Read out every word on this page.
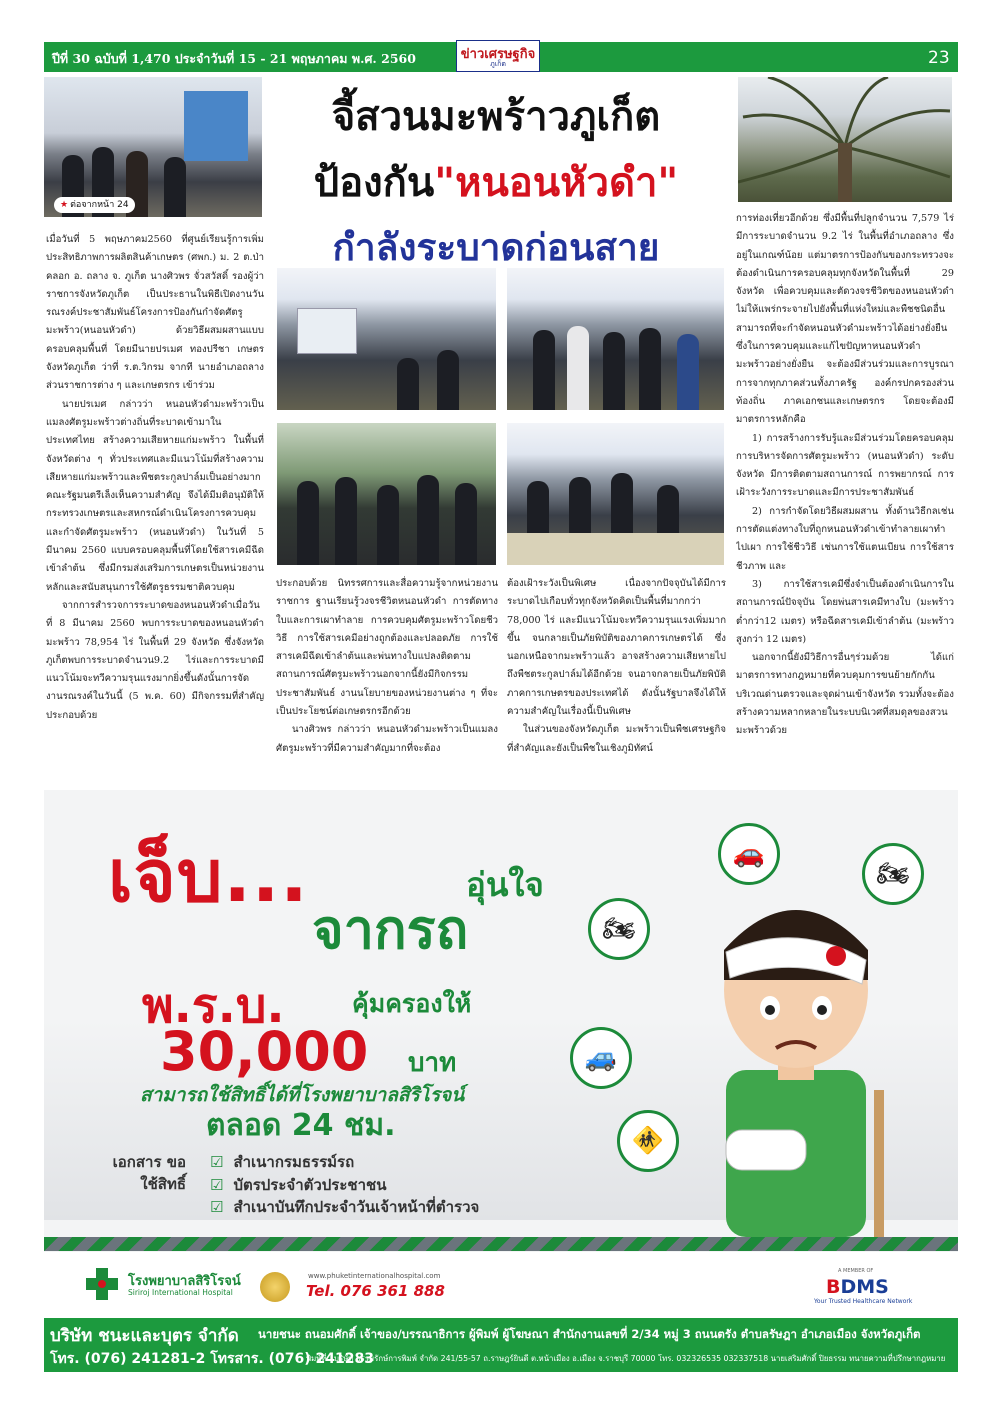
ปีที่ 30 ฉบับที่ 1,470 ประจำวันที่ 15 - 21 พฤษภาคม พ.ศ. 2560	ข่าวเศรษฐกิจ
ภูเก็ต	23
★ ต่อจากหน้า 24
จี้สวนมะพร้าวภูเก็ต
ป้องกัน"หนอนหัวดำ"
กำลังระบาดก่อนสาย

เมื่อวันที่ 5 พฤษภาคม2560 ที่ศูนย์เรียนรู้การเพิ่มประสิทธิภาพการผลิตสินค้าเกษตร (ศพก.) ม. 2 ต.ป่าคลอก อ. ถลาง จ. ภูเก็ต นางศิวพร จั่วสวัสดิ์ รองผู้ว่าราชการจังหวัดภูเก็ต เป็นประธานในพิธีเปิดงานวันรณรงค์ประชาสัมพันธ์โครงการป้องกันกำจัดศัตรูมะพร้าว(หนอนหัวดำ) ด้วยวิธีผสมผสานแบบครอบคลุมพื้นที่ โดยมีนายปรเมศ ทองปรีชา เกษตรจังหวัดภูเก็ต ว่าที่ ร.ต.วิกรม จากที นายอำเภอถลาง ส่วนราชการต่าง ๆ และเกษตรกร เข้าร่วม

นายปรเมศ กล่าวว่า หนอนหัวดำมะพร้าวเป็นแมลงศัตรูมะพร้าวต่างถิ่นที่ระบาดเข้ามาในประเทศไทย สร้างความเสียหายแก่มะพร้าว ในพื้นที่จังหวัดต่าง ๆ ทั่วประเทศและมีแนวโน้มที่สร้างความเสียหายแก่มะพร้าวและพืชตระกูลปาล์มเป็นอย่างมาก คณะรัฐมนตรีเล็งเห็นความสำคัญ จึงได้มีมติอนุมัติให้กระทรวงเกษตรและสหกรณ์ดำเนินโครงการควบคุมและกำจัดศัตรูมะพร้าว (หนอนหัวดำ) ในวันที่ 5 มีนาคม 2560 แบบครอบคลุมพื้นที่โดยใช้สารเคมีฉีดเข้าลำต้น ซึ่งมีกรมส่งเสริมการเกษตรเป็นหน่วยงานหลักและสนับสนุนการใช้ศัตรูธรรมชาติควบคุม

จากการสำรวจการระบาดของหนอนหัวดำเมื่อวันที่ 8 มีนาคม 2560 พบการระบาดของหนอนหัวดำมะพร้าว 78,954 ไร่ ในพื้นที่ 29 จังหวัด ซึ่งจังหวัดภูเก็ตพบการระบาดจำนวน9.2 ไร่และการระบาดมีแนวโน้มจะทวีความรุนแรงมากยิ่งขึ้นดังนั้นการจัดงานรณรงค์ในวันนี้ (5 พ.ค. 60) มีกิจกรรมที่สำคัญประกอบด้วย

ประกอบด้วย นิทรรศการและสื่อความรู้จากหน่วยงานราชการ ฐานเรียนรู้วงจรชีวิตหนอนหัวดำ การตัดทางใบและการเผาทำลาย การควบคุมศัตรูมะพร้าวโดยชีววิธี การใช้สารเคมีอย่างถูกต้องและปลอดภัย การใช้สารเคมีฉีดเข้าลำต้นและพ่นทางใบแปลงติดตามสถานการณ์ศัตรูมะพร้าวนอกจากนี้ยังมีกิจกรรมประชาสัมพันธ์ งานนโยบายของหน่วยงานต่าง ๆ ที่จะเป็นประโยชน์ต่อเกษตรกรอีกด้วย

นางศิวพร กล่าวว่า หนอนหัวดำมะพร้าวเป็นแมลงศัตรูมะพร้าวที่มีความสำคัญมากที่จะต้อง

ต้องเฝ้าระวังเป็นพิเศษ เนื่องจากปัจจุบันได้มีการระบาดไปเกือบทั่วทุกจังหวัดคิดเป็นพื้นที่มากกว่า 78,000 ไร่ และมีแนวโน้มจะทวีความรุนแรงเพิ่มมากขึ้น จนกลายเป็นภัยพิบัติของภาคการเกษตรได้ ซึ่งนอกเหนือจากมะพร้าวแล้ว อาจสร้างความเสียหายไปถึงพืชตระกูลปาล์มได้อีกด้วย จนอาจกลายเป็นภัยพิบัติภาคการเกษตรของประเทศได้ ดังนั้นรัฐบาลจึงได้ให้ความสำคัญในเรื่องนี้เป็นพิเศษ

ในส่วนของจังหวัดภูเก็ต มะพร้าวเป็นพืชเศรษฐกิจที่สำคัญและยังเป็นพืชในเชิงภูมิทัศน์

การท่องเที่ยวอีกด้วย ซึ่งมีพื้นที่ปลูกจำนวน 7,579 ไร่ มีการระบาดจำนวน 9.2 ไร่ ในพื้นที่อำเภอถลาง ซึ่งอยู่ในเกณฑ์น้อย แต่มาตรการป้องกันของกระทรวงจะต้องดำเนินการครอบคลุมทุกจังหวัดในพื้นที่ 29 จังหวัด เพื่อควบคุมและตัดวงจรชีวิตของหนอนหัวดำไม่ให้แพร่กระจายไปยังพื้นที่แห่งใหม่และพืชชนิดอื่น สามารถที่จะกำจัดหนอนหัวดำมะพร้าวได้อย่างยั่งยืน ซึ่งในการควบคุมและแก้ไขปัญหาหนอนหัวดำมะพร้าวอย่างยั่งยืน จะต้องมีส่วนร่วมและการบูรณาการจากทุกภาคส่วนทั้งภาครัฐ องค์กรปกครองส่วนท้องถิ่น ภาคเอกชนและเกษตรกร โดยจะต้องมีมาตรการหลักคือ

1) การสร้างการรับรู้และมีส่วนร่วมโดยครอบคลุมการบริหารจัดการศัตรูมะพร้าว (หนอนหัวดำ) ระดับจังหวัด มีการติดตามสถานการณ์ การพยากรณ์ การเฝ้าระวังการระบาดและมีการประชาสัมพันธ์

2) การกำจัดโดยวิธีผสมผสาน ทั้งด้านวิธีกลเช่นการตัดแต่งทางใบที่ถูกหนอนหัวดำเข้าทำลายเผาทำไปเผา การใช้ชีววิธี เช่นการใช้แตนเบียน การใช้สารชีวภาพ และ

3) การใช้สารเคมีซึ่งจำเป็นต้องดำเนินการในสถานการณ์ปัจจุบัน โดยพ่นสารเคมีทางใบ (มะพร้าวต่ำกว่า12 เมตร) หรือฉีดสารเคมีเข้าลำต้น (มะพร้าวสูงกว่า 12 เมตร)

นอกจากนี้ยังมีวิธีการอื่นๆร่วมด้วย ได้แก่ มาตรการทางกฎหมายที่ควบคุมการขนย้ายกักกันบริเวณด่านตรวจและจุดผ่านเข้าจังหวัด รวมทั้งจะต้องสร้างความหลากหลายในระบบนิเวศที่สมดุลของสวนมะพร้าวด้วย

เจ็บ...	อุ่นใจ
จากรถ
พ.ร.บ.	คุ้มครองให้
30,000 บาท
สามารถใช้สิทธิ์ได้ที่โรงพยาบาลสิริโรจน์
ตลอด 24 ชม.
เอกสาร ขอใช้สิทธิ์
☑ สำเนากรมธรรม์รถ
☑ บัตรประจำตัวประชาชน
☑ สำเนาบันทึกประจำวันเจ้าหน้าที่ตำรวจ
🚗
🏍
🏍
🚙
🚸
โรงพยาบาลสิริโรจน์
Siriroj International Hospital
www.phuketinternationalhospital.com
Tel. 076 361 888
A MEMBER OF
BDMS
Your Trusted Healthcare Network
บริษัท ชนะและบุตร จำกัด นายชนะ ถนอมศักดิ์ เจ้าของ/บรรณาธิการ ผู้พิมพ์ ผู้โฆษณา สำนักงานเลขที่ 2/34 หมู่ 3 ถนนตรัง ตำบลรัษฎา อำเภอเมือง จังหวัดภูเก็ต
โทร. (076) 241281-2 โทรสาร. (076) 241283
พิมพ์ที่...บริษัท ธรรมรักษ์การพิมพ์ จำกัด 241/55-57 ถ.ราษฎร์ยินดี ต.หน้าเมือง อ.เมือง จ.ราชบุรี 70000 โทร. 032326535 032337518 นายเสริมศักดิ์ ปิยธรรม ทนายความที่ปรึกษากฎหมาย
